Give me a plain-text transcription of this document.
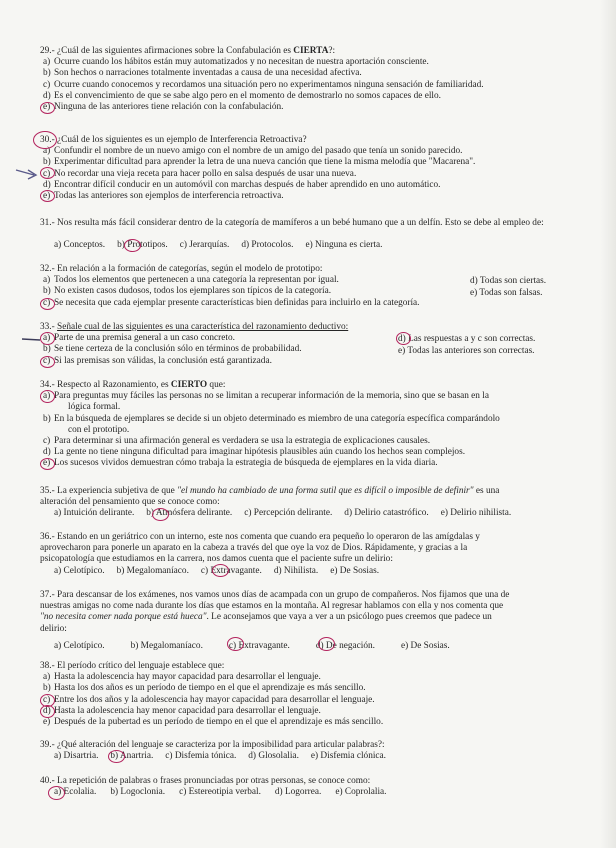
29.- ¿Cuál de las siguientes afirmaciones sobre la Confabulación es CIERTA?:
a) Ocurre cuando los hábitos están muy automatizados y no necesitan de nuestra aportación consciente.
b) Son hechos o narraciones totalmente inventadas a causa de una necesidad afectiva.
c) Ocurre cuando conocemos y recordamos una situación pero no experimentamos ninguna sensación de familiaridad.
d) Es el convencimiento de que se sabe algo pero en el momento de demostrarlo no somos capaces de ello.
e) Ninguna de las anteriores tiene relación con la confabulación.
30.- ¿Cuál de los siguientes es un ejemplo de Interferencia Retroactiva?
a) Confundir el nombre de un nuevo amigo con el nombre de un amigo del pasado que tenía un sonido parecido.
b) Experimentar dificultad para aprender la letra de una nueva canción que tiene la misma melodía que "Macarena".
c) No recordar una vieja receta para hacer pollo en salsa después de usar una nueva.
d) Encontrar difícil conducir en un automóvil con marchas después de haber aprendido en uno automático.
e) Todas las anteriores son ejemplos de interferencia retroactiva.
31.- Nos resulta más fácil considerar dentro de la categoría de mamíferos a un bebé humano que a un delfín. Esto se debe al empleo de:
a) Conceptos. b) Prototipos. c) Jerarquías. d) Protocolos. e) Ninguna es cierta.
32.- En relación a la formación de categorías, según el modelo de prototipo:
a) Todos los elementos que pertenecen a una categoría la representan por igual.
b) No existen casos dudosos, todos los ejemplares son típicos de la categoría.
c) Se necesita que cada ejemplar presente características bien definidas para incluirlo en la categoría.
d) Todas son ciertas.
e) Todas son falsas.
33.- Señale cual de las siguientes es una característica del razonamiento deductivo:
a) Parte de una premisa general a un caso concreto.
b) Se tiene certeza de la conclusión sólo en términos de probabilidad.
c) Si las premisas son válidas, la conclusión está garantizada.
d) Las respuestas a y c son correctas.
e) Todas las anteriores son correctas.
34.- Respecto al Razonamiento, es CIERTO que:
a) Para preguntas muy fáciles las personas no se limitan a recuperar información de la memoria, sino que se basan en la
lógica formal.
b) En la búsqueda de ejemplares se decide si un objeto determinado es miembro de una categoría específica comparándolo
con el prototipo.
c) Para determinar si una afirmación general es verdadera se usa la estrategia de explicaciones causales.
d) La gente no tiene ninguna dificultad para imaginar hipótesis plausibles aún cuando los hechos sean complejos.
e) Los sucesos vividos demuestran cómo trabaja la estrategia de búsqueda de ejemplares en la vida diaria.
35.- La experiencia subjetiva de que "el mundo ha cambiado de una forma sutil que es difícil o imposible de definir" es una
alteración del pensamiento que se conoce como:
a) Intuición delirante. b) Atmósfera delirante. c) Percepción delirante. d) Delirio catastrófico. e) Delirio nihilista.
36.- Estando en un geriátrico con un interno, este nos comenta que cuando era pequeño lo operaron de las amígdalas y
aprovecharon para ponerle un aparato en la cabeza a través del que oye la voz de Dios. Rápidamente, y gracias a la
psicopatología que estudiamos en la carrera, nos damos cuenta que el paciente sufre un delirio:
a) Celotípico. b) Megalomaníaco. c) Extravagante. d) Nihilista. e) De Sosias.
37.- Para descansar de los exámenes, nos vamos unos días de acampada con un grupo de compañeros. Nos fijamos que una de
nuestras amigas no come nada durante los días que estamos en la montaña. Al regresar hablamos con ella y nos comenta que
"no necesita comer nada porque está hueca". Le aconsejamos que vaya a ver a un psicólogo pues creemos que padece un
delirio:
a) Celotípico.	b) Megalomaníaco.	c) Extravagante.	d) De negación.	e) De Sosias.
38.- El período crítico del lenguaje establece que:
a) Hasta la adolescencia hay mayor capacidad para desarrollar el lenguaje.
b) Hasta los dos años es un período de tiempo en el que el aprendizaje es más sencillo.
c) Entre los dos años y la adolescencia hay mayor capacidad para desarrollar el lenguaje.
d) Hasta la adolescencia hay menor capacidad para desarrollar el lenguaje.
e) Después de la pubertad es un período de tiempo en el que el aprendizaje es más sencillo.
39.- ¿Qué alteración del lenguaje se caracteriza por la imposibilidad para articular palabras?:
a) Disartria. b) Anartria. c) Disfemia tónica. d) Glosolalia. e) Disfemia clónica.
40.- La repetición de palabras o frases pronunciadas por otras personas, se conoce como:
a) Ecolalia. b) Logoclonia. c) Estereotipia verbal. d) Logorrea. e) Coprolalia.
